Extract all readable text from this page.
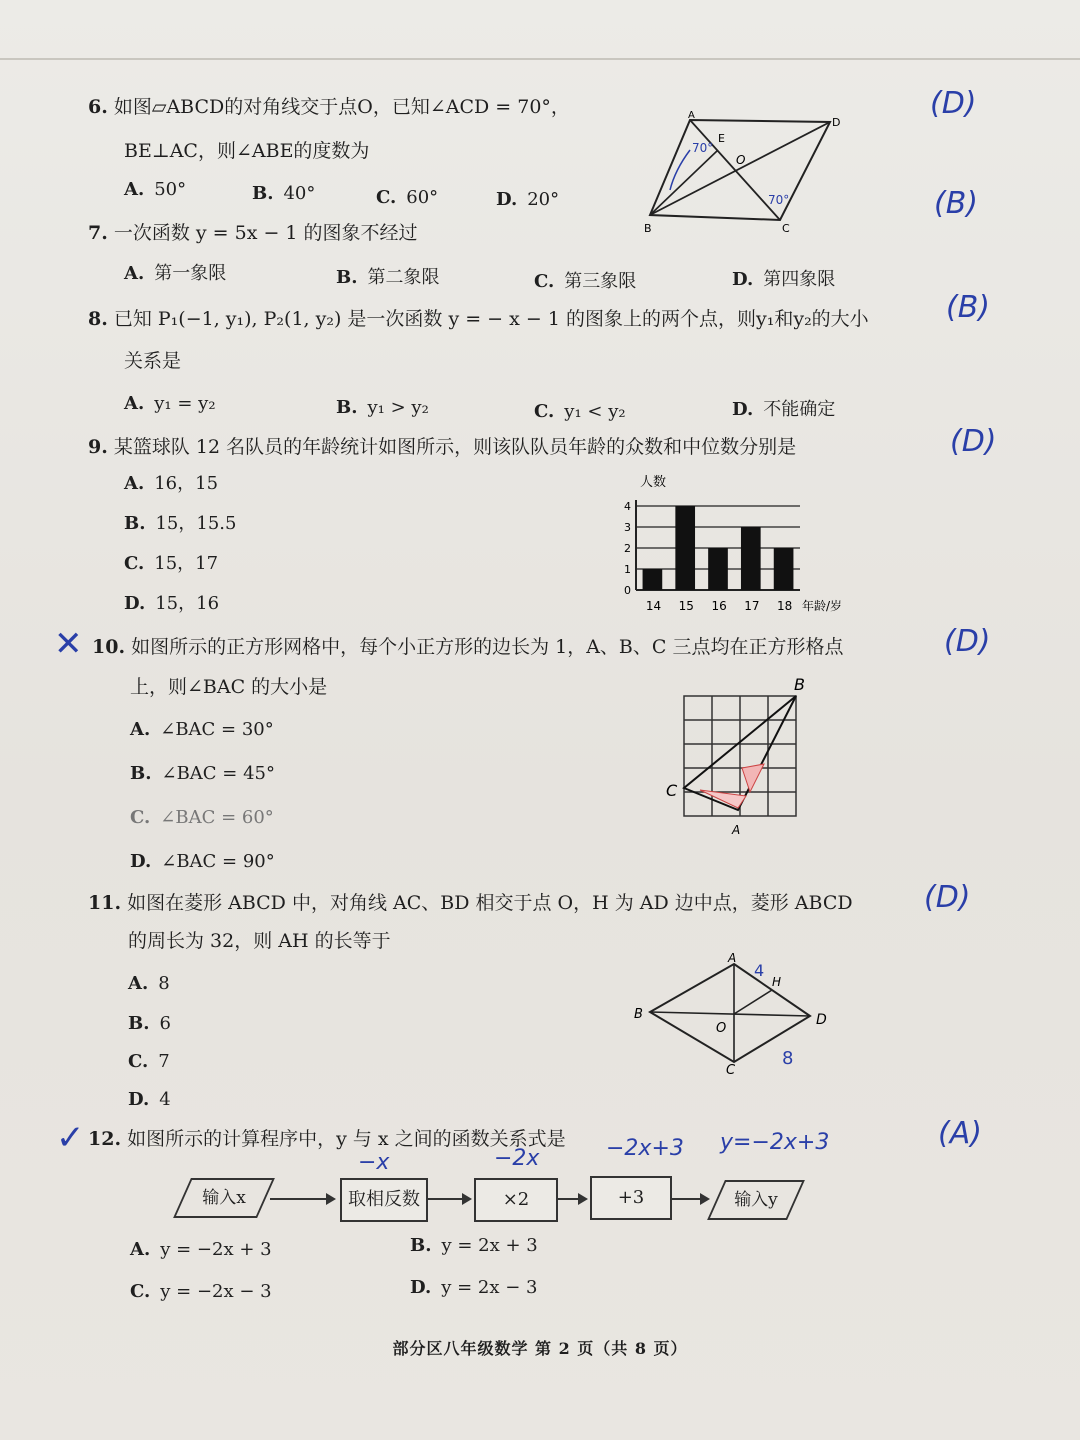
6. 如图▱ABCD的对角线交于点O，已知∠ACD = 70°，
BE⊥AC，则∠ABE的度数为
A. 50°	B. 40°	C. 60°	D. 20°
A
D
C
B
E
O
70°
70°
(D)
7. 一次函数 y = 5x − 1 的图象不经过
A. 第一象限	B. 第二象限	C. 第三象限	D. 第四象限
(B)
8. 已知 P₁(−1, y₁), P₂(1, y₂) 是一次函数 y = − x − 1 的图象上的两个点，则y₁和y₂的大小
关系是
A. y₁ = y₂	B. y₁ > y₂	C. y₁ < y₂	D. 不能确定
(B)
9. 某篮球队 12 名队员的年龄统计如图所示，则该队队员年龄的众数和中位数分别是
A. 16，15
B. 15，15.5
C. 15，17
D. 15，16
人数
0
1
2
3
4
14 15 16 17 18 年龄/岁
(D)
✕ 10. 如图所示的正方形网格中，每个小正方形的边长为 1，A、B、C 三点均在正方形格点
上，则∠BAC 的大小是
A. ∠BAC = 30°
B. ∠BAC = 45°
C. ∠BAC = 60°
D. ∠BAC = 90°
B
C
A
(D)
11. 如图在菱形 ABCD 中，对角线 AC、BD 相交于点 O，H 为 AD 边中点，菱形 ABCD
的周长为 32，则 AH 的长等于
A. 8
B. 6
C. 7
D. 4
A
B
C
D
H
O
4
8
(D)
✓ 12. 如图所示的计算程序中，y 与 x 之间的函数关系式是
−x	−2x	−2x+3 y=−2x+3
输入x	取相反数	×2	+3	输入y
A. y = −2x + 3	B. y = 2x + 3
C. y = −2x − 3	D. y = 2x − 3
(A)
部分区八年级数学 第 2 页（共 8 页）
